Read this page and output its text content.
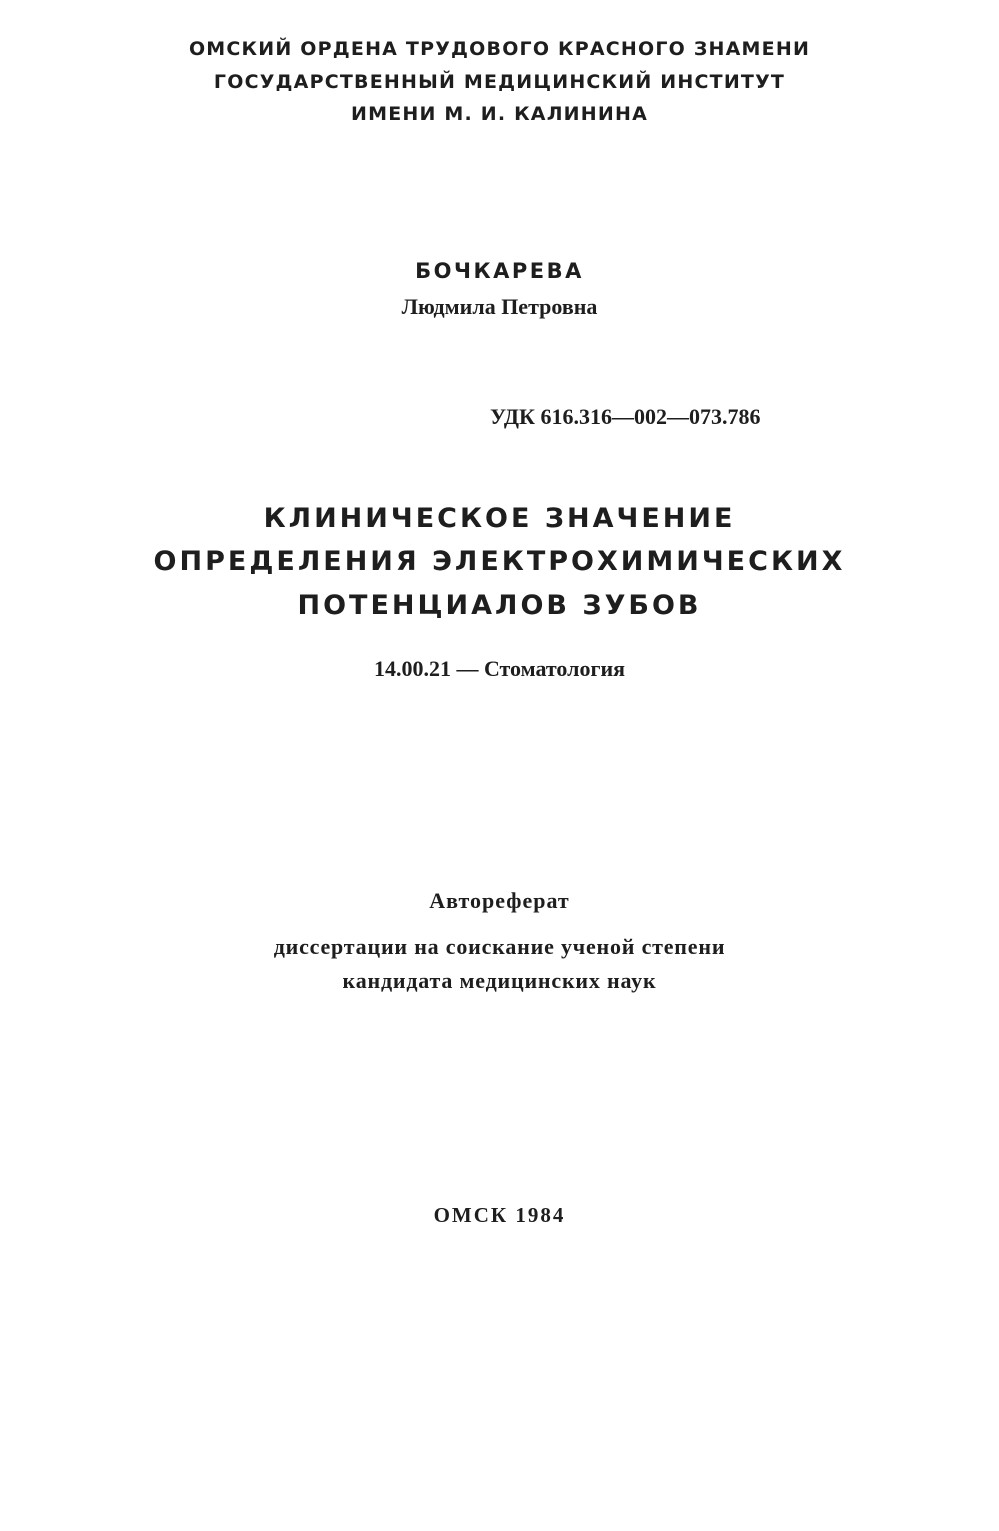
ОМСКИЙ ОРДЕНА ТРУДОВОГО КРАСНОГО ЗНАМЕНИ
ГОСУДАРСТВЕННЫЙ МЕДИЦИНСКИЙ ИНСТИТУТ
ИМЕНИ М. И. КАЛИНИНА
БОЧКАРЕВА
Людмила Петровна
УДК 616.316—002—073.786
КЛИНИЧЕСКОЕ ЗНАЧЕНИЕ
ОПРЕДЕЛЕНИЯ ЭЛЕКТРОХИМИЧЕСКИХ
ПОТЕНЦИАЛОВ ЗУБОВ
14.00.21 — Стоматология
Автореферат
диссертации на соискание ученой степени
кандидата медицинских наук
ОМСК 1984
